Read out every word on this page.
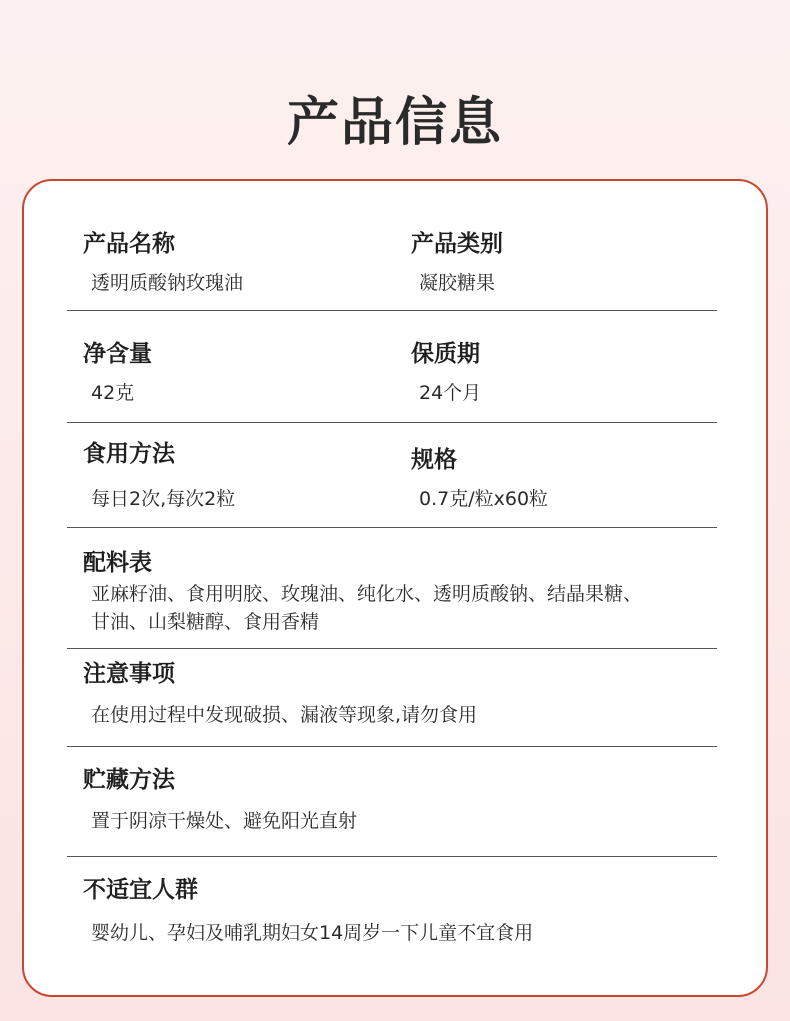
产品信息
产品名称
透明质酸钠玫瑰油
产品类别
凝胶糖果
净含量
42克
保质期
24个月
食用方法
每日2次,每次2粒
规格
0.7克/粒x60粒
配料表
亚麻籽油、食用明胶、玫瑰油、纯化水、透明质酸钠、结晶果糖、
甘油、山梨糖醇、食用香精
注意事项
在使用过程中发现破损、漏液等现象,请勿食用
贮藏方法
置于阴凉干燥处、避免阳光直射
不适宜人群
婴幼儿、孕妇及哺乳期妇女14周岁一下儿童不宜食用
